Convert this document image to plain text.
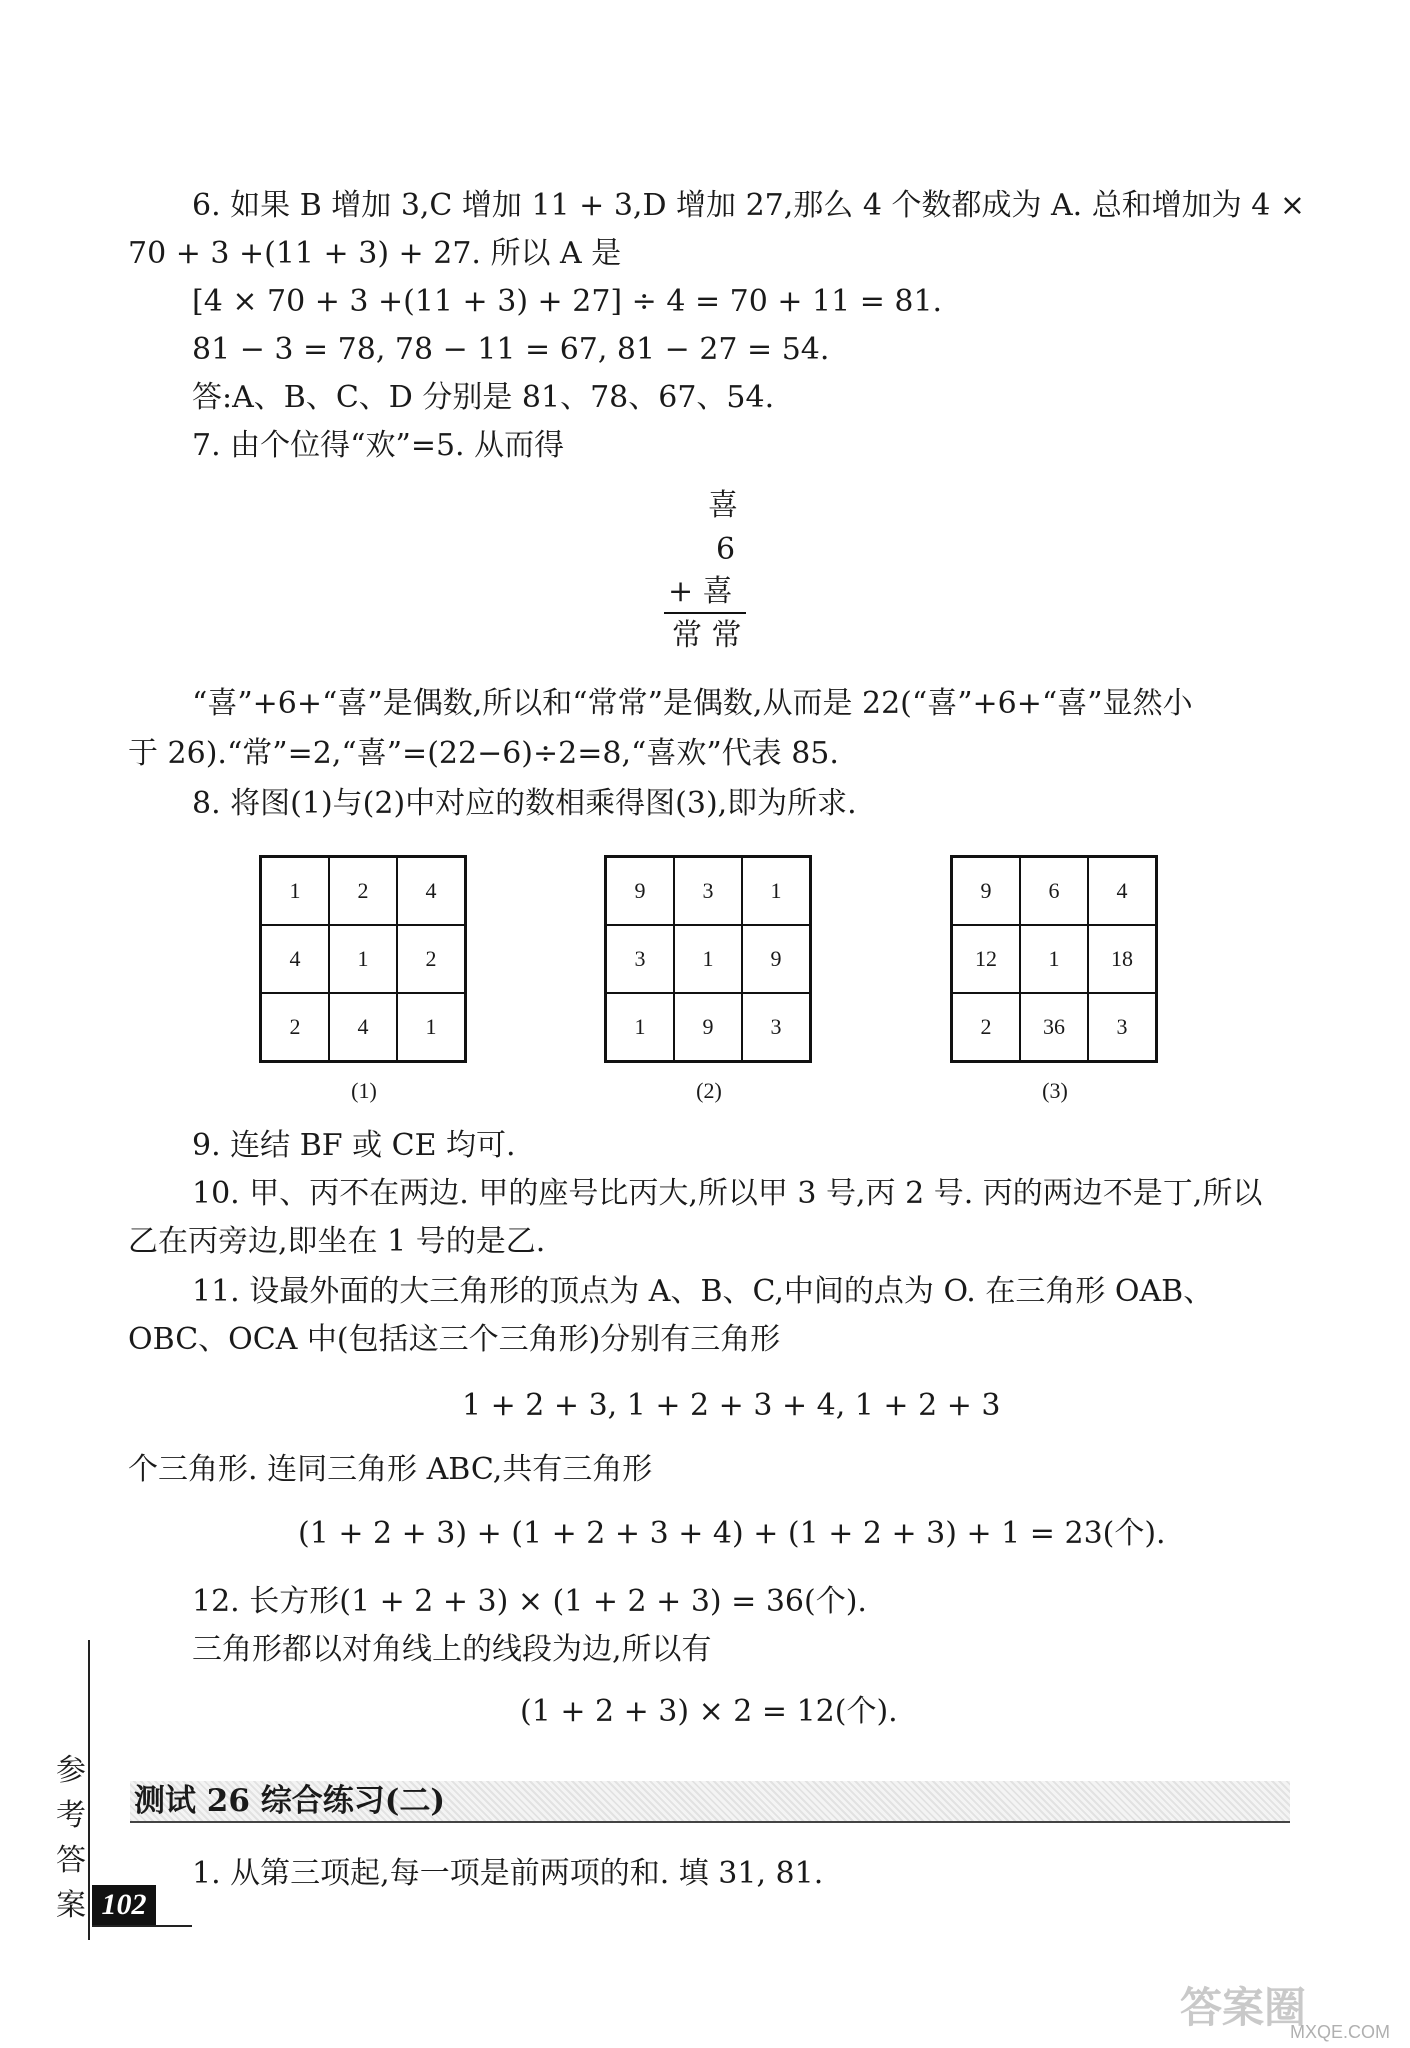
6. 如果 B 增加 3,C 增加 11 + 3,D 增加 27,那么 4 个数都成为 A. 总和增加为 4 ×
70 + 3 +(11 + 3) + 27. 所以 A 是
[4 × 70 + 3 +(11 + 3) + 27] ÷ 4 = 70 + 11 = 81.
81 − 3 = 78, 78 − 11 = 67, 81 − 27 = 54.
答:A、B、C、D 分别是 81、78、67、54.
7. 由个位得“欢”=5. 从而得
喜
6
+ 喜
常 常
“喜”+6+“喜”是偶数,所以和“常常”是偶数,从而是 22(“喜”+6+“喜”显然小
于 26).“常”=2,“喜”=(22−6)÷2=8,“喜欢”代表 85.
8. 将图(1)与(2)中对应的数相乘得图(3),即为所求.
1	2	4
4	1	2
2	4	1
(1)
9	3	1
3	1	9
1	9	3
(2)
9	6	4
12	1	18
2	36	3
(3)
9. 连结 BF 或 CE 均可.
10. 甲、丙不在两边. 甲的座号比丙大,所以甲 3 号,丙 2 号. 丙的两边不是丁,所以
乙在丙旁边,即坐在 1 号的是乙.
11. 设最外面的大三角形的顶点为 A、B、C,中间的点为 O. 在三角形 OAB、
OBC、OCA 中(包括这三个三角形)分别有三角形
1 + 2 + 3, 1 + 2 + 3 + 4, 1 + 2 + 3
个三角形. 连同三角形 ABC,共有三角形
(1 + 2 + 3) + (1 + 2 + 3 + 4) + (1 + 2 + 3) + 1 = 23(个).
12. 长方形(1 + 2 + 3) × (1 + 2 + 3) = 36(个).
三角形都以对角线上的线段为边,所以有
(1 + 2 + 3) × 2 = 12(个).
测试 26 综合练习(二)
1. 从第三项起,每一项是前两项的和. 填 31, 81.
参
考
答
案 102
答案圈
MXQE.COM
